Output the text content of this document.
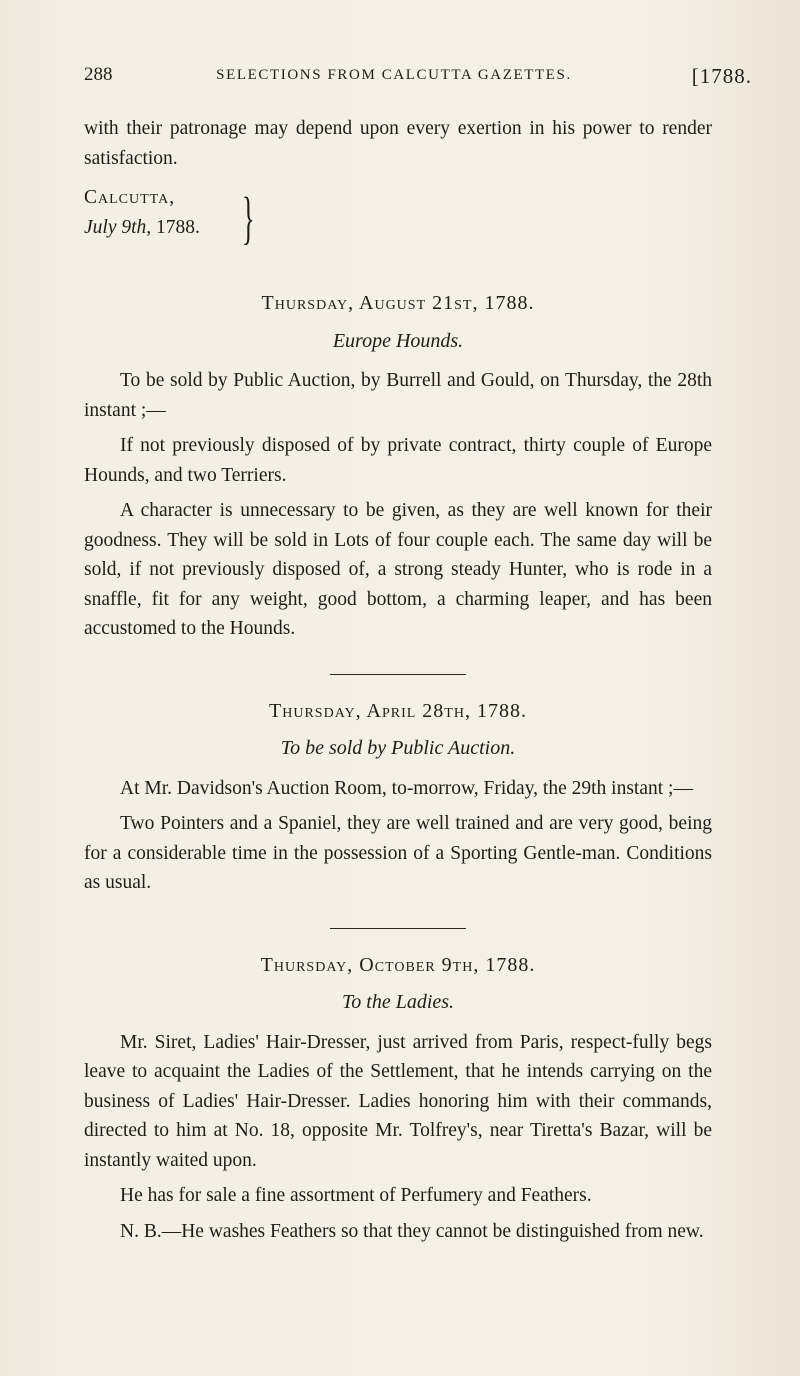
288	SELECTIONS FROM CALCUTTA GAZETTES.	[1788.

with their patronage may depend upon every exertion in his power to render satisfaction.

Calcutta,
July 9th, 1788. }
Thursday, August 21st, 1788.
Europe Hounds.

To be sold by Public Auction, by Burrell and Gould, on Thursday, the 28th instant ;—

If not previously disposed of by private contract, thirty couple of Europe Hounds, and two Terriers.

A character is unnecessary to be given, as they are well known for their goodness. They will be sold in Lots of four couple each. The same day will be sold, if not previously disposed of, a strong steady Hunter, who is rode in a snaffle, fit for any weight, good bottom, a charming leaper, and has been accustomed to the Hounds.

Thursday, April 28th, 1788.
To be sold by Public Auction.

At Mr. Davidson's Auction Room, to-morrow, Friday, the 29th instant ;—

Two Pointers and a Spaniel, they are well trained and are very good, being for a considerable time in the possession of a Sporting Gentle-man. Conditions as usual.

Thursday, October 9th, 1788.
To the Ladies.

Mr. Siret, Ladies' Hair-Dresser, just arrived from Paris, respect-fully begs leave to acquaint the Ladies of the Settlement, that he intends carrying on the business of Ladies' Hair-Dresser. Ladies honoring him with their commands, directed to him at No. 18, opposite Mr. Tolfrey's, near Tiretta's Bazar, will be instantly waited upon.

He has for sale a fine assortment of Perfumery and Feathers.

N. B.—He washes Feathers so that they cannot be distinguished from new.
